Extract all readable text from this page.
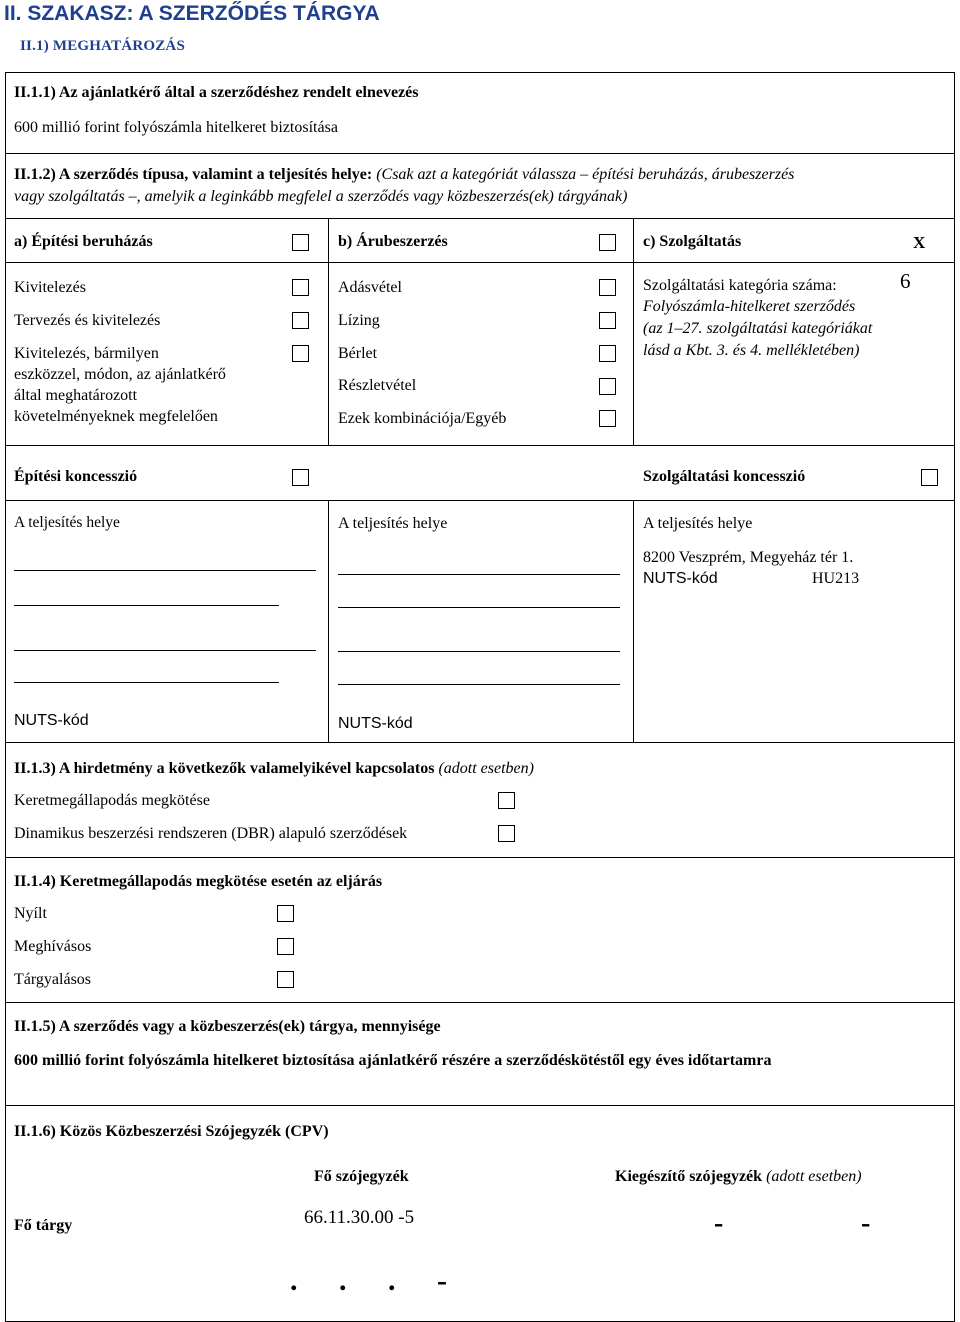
II. SZAKASZ: A SZERZŐDÉS TÁRGYA
II.1) MEGHATÁROZÁS
II.1.1) Az ajánlatkérő által a szerződéshez rendelt elnevezés
600 millió forint folyószámla hitelkeret biztosítása
II.1.2) A szerződés típusa, valamint a teljesítés helye: (Csak azt a kategóriát válassza – építési beruházás, árubeszerzés
vagy szolgáltatás –, amelyik a leginkább megfelel a szerződés vagy közbeszerzés(ek) tárgyának)
a) Építési beruházás	b) Árubeszerzés	c) Szolgáltatás	X
Kivitelezés
Tervezés és kivitelezés
Kivitelezés, bármilyen
eszközzel, módon, az ajánlatkérő
által meghatározott
követelményeknek megfelelően
Adásvétel
Lízing
Bérlet
Részletvétel
Ezek kombinációja/Egyéb
Szolgáltatási kategória száma:	6
Folyószámla-hitelkeret szerződés
(az 1–27. szolgáltatási kategóriákat
lásd a Kbt. 3. és 4. mellékletében)
Építési koncesszió	Szolgáltatási koncesszió
A teljesítés helye
NUTS-kód
A teljesítés helye
NUTS-kód
A teljesítés helye
8200 Veszprém, Megyeház tér 1.
NUTS-kód	HU213
II.1.3) A hirdetmény a következők valamelyikével kapcsolatos (adott esetben)
Keretmegállapodás megkötése
Dinamikus beszerzési rendszeren (DBR) alapuló szerződések
II.1.4) Keretmegállapodás megkötése esetén az eljárás
Nyílt
Meghívásos
Tárgyalásos
II.1.5) A szerződés vagy a közbeszerzés(ek) tárgya, mennyisége
600 millió forint folyószámla hitelkeret biztosítása ajánlatkérő részére a szerződéskötéstől egy éves időtartamra
II.1.6) Közös Közbeszerzési Szójegyzék (CPV)
Fő szójegyzék	Kiegészítő szójegyzék (adott esetben)
Fő tárgy	66.11.30.00 -5	-	-
. . . -
